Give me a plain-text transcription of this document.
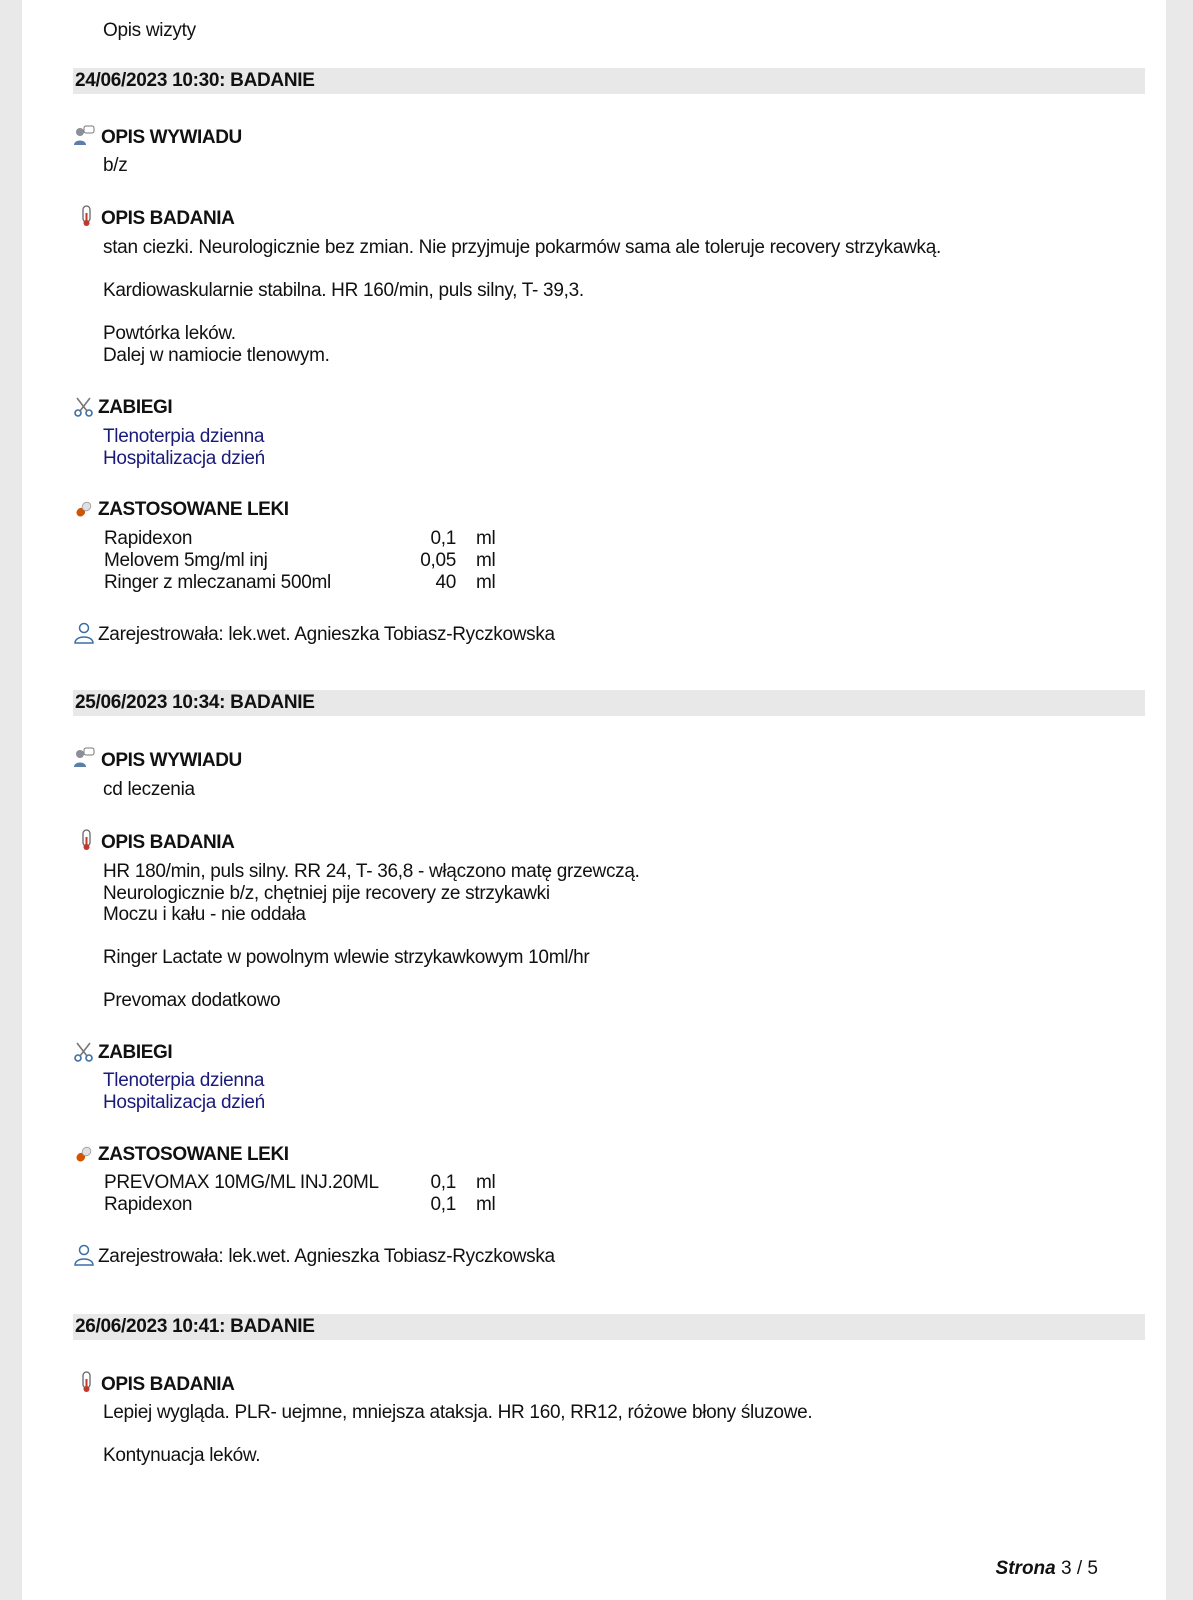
Opis wizyty
24/06/2023 10:30: BADANIE
OPIS WYWIADU
b/z
OPIS BADANIA
stan ciezki. Neurologicznie bez zmian. Nie przyjmuje pokarmów sama ale toleruje recovery strzykawką.
Kardiowaskularnie stabilna. HR 160/min, puls silny, T- 39,3.
Powtórka leków.
Dalej w namiocie tlenowym.
ZABIEGI
Tlenoterpia dzienna
Hospitalizacja dzień
ZASTOSOWANE LEKI
Rapidexon	0,1 ml
Melovem 5mg/ml inj	0,05 ml
Ringer z mleczanami 500ml	40 ml
Zarejestrowała: lek.wet. Agnieszka Tobiasz-Ryczkowska
25/06/2023 10:34: BADANIE
OPIS WYWIADU
cd leczenia
OPIS BADANIA
HR 180/min, puls silny. RR 24, T- 36,8 - włączono matę grzewczą.
Neurologicznie b/z, chętniej pije recovery ze strzykawki
Moczu i kału - nie oddała
Ringer Lactate w powolnym wlewie strzykawkowym 10ml/hr
Prevomax dodatkowo
ZABIEGI
Tlenoterpia dzienna
Hospitalizacja dzień
ZASTOSOWANE LEKI
PREVOMAX 10MG/ML INJ.20ML	0,1 ml
Rapidexon	0,1 ml
Zarejestrowała: lek.wet. Agnieszka Tobiasz-Ryczkowska
26/06/2023 10:41: BADANIE
OPIS BADANIA
Lepiej wygląda. PLR- uejmne, mniejsza ataksja. HR 160, RR12, różowe błony śluzowe.
Kontynuacja leków.
Strona 3 / 5
